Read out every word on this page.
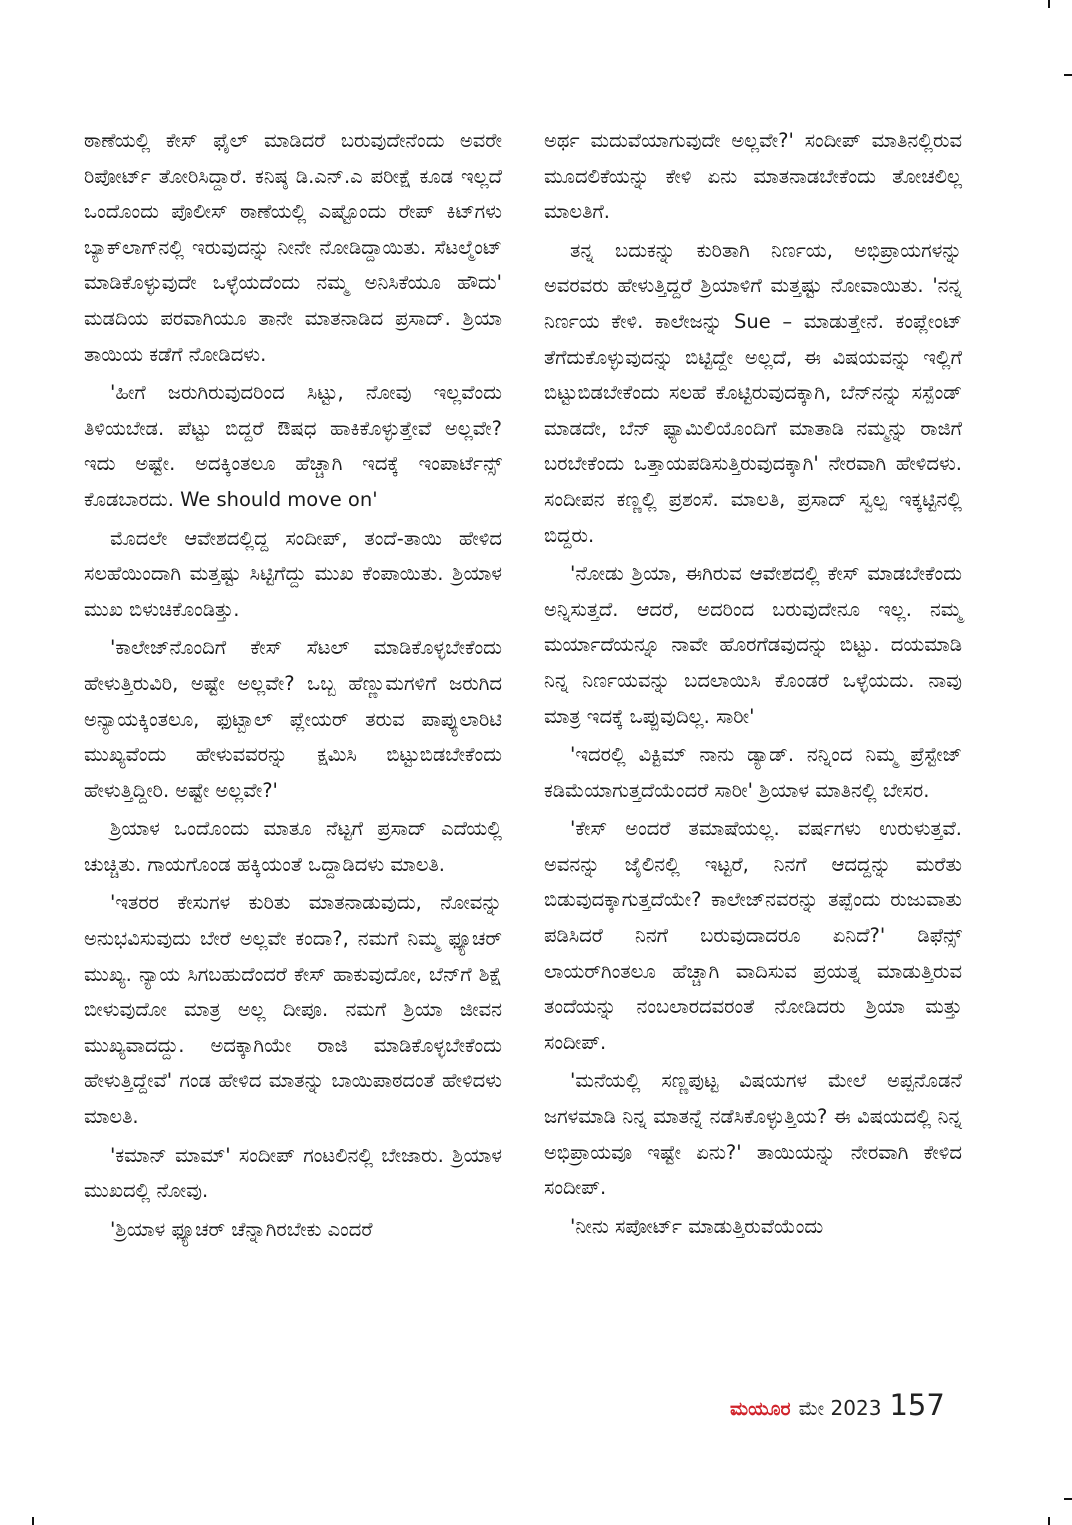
ಠಾಣೆಯಲ್ಲಿ ಕೇಸ್ ಫೈಲ್ ಮಾಡಿದರೆ ಬರುವುದೇನೆಂದು ಅವರೇ ರಿಪೋರ್ಟ್ ತೋರಿಸಿದ್ದಾರೆ. ಕನಿಷ್ಠ ಡಿ.ಎನ್.ಎ ಪರೀಕ್ಷೆ ಕೂಡ ಇಲ್ಲದೆ ಒಂದೊಂದು ಪೊಲೀಸ್ ಠಾಣೆಯಲ್ಲಿ ಎಷ್ಟೊಂದು ರೇಪ್ ಕಿಟ್‌ಗಳು ಬ್ಯಾಕ್‌ಲಾಗ್‌ನಲ್ಲಿ ಇರುವುದನ್ನು ನೀನೇ ನೋಡಿದ್ದಾಯಿತು. ಸೆಟಲ್ಮೆಂಟ್ ಮಾಡಿಕೊಳ್ಳುವುದೇ ಒಳ್ಳೆಯದೆಂದು ನಮ್ಮ ಅನಿಸಿಕೆಯೂ ಹೌದು' ಮಡದಿಯ ಪರವಾಗಿಯೂ ತಾನೇ ಮಾತನಾಡಿದ ಪ್ರಸಾದ್. ಶ್ರಿಯಾ ತಾಯಿಯ ಕಡೆಗೆ ನೋಡಿದಳು.

'ಹೀಗೆ ಜರುಗಿರುವುದರಿಂದ ಸಿಟ್ಟು, ನೋವು ಇಲ್ಲವೆಂದು ತಿಳಿಯಬೇಡ. ಪೆಟ್ಟು ಬಿದ್ದರೆ ಔಷಧ ಹಾಕಿಕೊಳ್ಳುತ್ತೇವೆ ಅಲ್ಲವೇ? ಇದು ಅಷ್ಟೇ. ಅದಕ್ಕಿಂತಲೂ ಹೆಚ್ಚಾಗಿ ಇದಕ್ಕೆ ಇಂಪಾರ್ಟೆನ್ಸ್ ಕೊಡಬಾರದು. We should move on'

ಮೊದಲೇ ಆವೇಶದಲ್ಲಿದ್ದ ಸಂದೀಪ್, ತಂದೆ-ತಾಯಿ ಹೇಳಿದ ಸಲಹೆಯಿಂದಾಗಿ ಮತ್ತಷ್ಟು ಸಿಟ್ಟಿಗೆದ್ದು ಮುಖ ಕೆಂಪಾಯಿತು. ಶ್ರಿಯಾಳ ಮುಖ ಬಿಳುಚಿಕೊಂಡಿತ್ತು.

'ಕಾಲೇಜ್‌ನೊಂದಿಗೆ ಕೇಸ್ ಸೆಟಲ್ ಮಾಡಿಕೊಳ್ಳಬೇಕೆಂದು ಹೇಳುತ್ತಿರುವಿರಿ, ಅಷ್ಟೇ ಅಲ್ಲವೇ? ಒಬ್ಬ ಹೆಣ್ಣುಮಗಳಿಗೆ ಜರುಗಿದ ಅನ್ಯಾಯಕ್ಕಿಂತಲೂ, ಫುಟ್ಬಾಲ್ ಪ್ಲೇಯರ್ ತರುವ ಪಾಪ್ಯುಲಾರಿಟಿ ಮುಖ್ಯವೆಂದು ಹೇಳುವವರನ್ನು ಕ್ಷಮಿಸಿ ಬಿಟ್ಟುಬಿಡಬೇಕೆಂದು ಹೇಳುತ್ತಿದ್ದೀರಿ. ಅಷ್ಟೇ ಅಲ್ಲವೇ?'

ಶ್ರಿಯಾಳ ಒಂದೊಂದು ಮಾತೂ ನೆಟ್ಟಗೆ ಪ್ರಸಾದ್ ಎದೆಯಲ್ಲಿ ಚುಚ್ಚಿತು. ಗಾಯಗೊಂಡ ಹಕ್ಕಿಯಂತೆ ಒದ್ದಾಡಿದಳು ಮಾಲತಿ.

'ಇತರರ ಕೇಸುಗಳ ಕುರಿತು ಮಾತನಾಡುವುದು, ನೋವನ್ನು ಅನುಭವಿಸುವುದು ಬೇರೆ ಅಲ್ಲವೇ ಕಂದಾ?, ನಮಗೆ ನಿಮ್ಮ ಫ್ಯೂಚರ್ ಮುಖ್ಯ. ನ್ಯಾಯ ಸಿಗಬಹುದೆಂದರೆ ಕೇಸ್ ಹಾಕುವುದೋ, ಬೆನ್‌ಗೆ ಶಿಕ್ಷೆ ಬೀಳುವುದೋ ಮಾತ್ರ ಅಲ್ಲ ದೀಪೂ. ನಮಗೆ ಶ್ರಿಯಾ ಜೀವನ ಮುಖ್ಯವಾದದ್ದು. ಅದಕ್ಕಾಗಿಯೇ ರಾಜಿ ಮಾಡಿಕೊಳ್ಳಬೇಕೆಂದು ಹೇಳುತ್ತಿದ್ದೇವೆ' ಗಂಡ ಹೇಳಿದ ಮಾತನ್ನು ಬಾಯಿಪಾಠದಂತೆ ಹೇಳಿದಳು ಮಾಲತಿ.

'ಕಮಾನ್ ಮಾಮ್' ಸಂದೀಪ್ ಗಂಟಲಿನಲ್ಲಿ ಬೇಜಾರು. ಶ್ರಿಯಾಳ ಮುಖದಲ್ಲಿ ನೋವು.

'ಶ್ರಿಯಾಳ ಫ್ಯೂಚರ್ ಚೆನ್ನಾಗಿರಬೇಕು ಎಂದರೆ

ಅರ್ಥ ಮದುವೆಯಾಗುವುದೇ ಅಲ್ಲವೇ?' ಸಂದೀಪ್ ಮಾತಿನಲ್ಲಿರುವ ಮೂದಲಿಕೆಯನ್ನು ಕೇಳಿ ಏನು ಮಾತನಾಡಬೇಕೆಂದು ತೋಚಲಿಲ್ಲ ಮಾಲತಿಗೆ.

ತನ್ನ ಬದುಕನ್ನು ಕುರಿತಾಗಿ ನಿರ್ಣಯ, ಅಭಿಪ್ರಾಯಗಳನ್ನು ಅವರವರು ಹೇಳುತ್ತಿದ್ದರೆ ಶ್ರಿಯಾಳಿಗೆ ಮತ್ತಷ್ಟು ನೋವಾಯಿತು. 'ನನ್ನ ನಿರ್ಣಯ ಕೇಳಿ. ಕಾಲೇಜನ್ನು Sue – ಮಾಡುತ್ತೇನೆ. ಕಂಪ್ಲೇಂಟ್ ತೆಗೆದುಕೊಳ್ಳುವುದನ್ನು ಬಿಟ್ಟಿದ್ದೇ ಅಲ್ಲದೆ, ಈ ವಿಷಯವನ್ನು ಇಲ್ಲಿಗೆ ಬಿಟ್ಟುಬಿಡಬೇಕೆಂದು ಸಲಹೆ ಕೊಟ್ಟಿರುವುದಕ್ಕಾಗಿ, ಬೆನ್‌ನನ್ನು ಸಸ್ಪೆಂಡ್ ಮಾಡದೇ, ಬೆನ್ ಫ್ಯಾಮಿಲಿಯೊಂದಿಗೆ ಮಾತಾಡಿ ನಮ್ಮನ್ನು ರಾಜಿಗೆ ಬರಬೇಕೆಂದು ಒತ್ತಾಯಪಡಿಸುತ್ತಿರುವುದಕ್ಕಾಗಿ' ನೇರವಾಗಿ ಹೇಳಿದಳು. ಸಂದೀಪನ ಕಣ್ಣಲ್ಲಿ ಪ್ರಶಂಸೆ. ಮಾಲತಿ, ಪ್ರಸಾದ್ ಸ್ವಲ್ಪ ಇಕ್ಕಟ್ಟಿನಲ್ಲಿ ಬಿದ್ದರು.

'ನೋಡು ಶ್ರಿಯಾ, ಈಗಿರುವ ಆವೇಶದಲ್ಲಿ ಕೇಸ್ ಮಾಡಬೇಕೆಂದು ಅನ್ನಿಸುತ್ತದೆ. ಆದರೆ, ಅದರಿಂದ ಬರುವುದೇನೂ ಇಲ್ಲ. ನಮ್ಮ ಮರ್ಯಾದೆಯನ್ನೂ ನಾವೇ ಹೊರಗೆಡವುದನ್ನು ಬಿಟ್ಟು. ದಯಮಾಡಿ ನಿನ್ನ ನಿರ್ಣಯವನ್ನು ಬದಲಾಯಿಸಿ ಕೊಂಡರೆ ಒಳ್ಳೆಯದು. ನಾವು ಮಾತ್ರ ಇದಕ್ಕೆ ಒಪ್ಪುವುದಿಲ್ಲ. ಸಾರೀ'

'ಇದರಲ್ಲಿ ವಿಕ್ಟಿಮ್ ನಾನು ಡ್ಯಾಡ್. ನನ್ನಿಂದ ನಿಮ್ಮ ಪ್ರೆಸ್ಟೇಜ್ ಕಡಿಮೆಯಾಗುತ್ತದೆಯೆಂದರೆ ಸಾರೀ' ಶ್ರಿಯಾಳ ಮಾತಿನಲ್ಲಿ ಬೇಸರ.

'ಕೇಸ್ ಅಂದರೆ ತಮಾಷೆಯಲ್ಲ. ವರ್ಷಗಳು ಉರುಳುತ್ತವೆ. ಅವನನ್ನು ಜೈಲಿನಲ್ಲಿ ಇಟ್ಟರೆ, ನಿನಗೆ ಆದದ್ದನ್ನು ಮರೆತು ಬಿಡುವುದಕ್ಕಾಗುತ್ತದೆಯೇ? ಕಾಲೇಜ್‌ನವರನ್ನು ತಪ್ಪೆಂದು ರುಜುವಾತು ಪಡಿಸಿದರೆ ನಿನಗೆ ಬರುವುದಾದರೂ ಏನಿದೆ?' ಡಿಫೆನ್ಸ್ ಲಾಯರ್‌ಗಿಂತಲೂ ಹೆಚ್ಚಾಗಿ ವಾದಿಸುವ ಪ್ರಯತ್ನ ಮಾಡುತ್ತಿರುವ ತಂದೆಯನ್ನು ನಂಬಲಾರದವರಂತೆ ನೋಡಿದರು ಶ್ರಿಯಾ ಮತ್ತು ಸಂದೀಪ್.

'ಮನೆಯಲ್ಲಿ ಸಣ್ಣಪುಟ್ಟ ವಿಷಯಗಳ ಮೇಲೆ ಅಪ್ಪನೊಡನೆ ಜಗಳಮಾಡಿ ನಿನ್ನ ಮಾತನ್ನೆ ನಡೆಸಿಕೊಳ್ಳುತ್ತಿಯ? ಈ ವಿಷಯದಲ್ಲಿ ನಿನ್ನ ಅಭಿಪ್ರಾಯವೂ ಇಷ್ಟೇ ಏನು?' ತಾಯಿಯನ್ನು ನೇರವಾಗಿ ಕೇಳಿದ ಸಂದೀಪ್.

'ನೀನು ಸಪೋರ್ಟ್ ಮಾಡುತ್ತಿರುವೆಯೆಂದು

ಮಯೂರ ಮೇ 2023 157
